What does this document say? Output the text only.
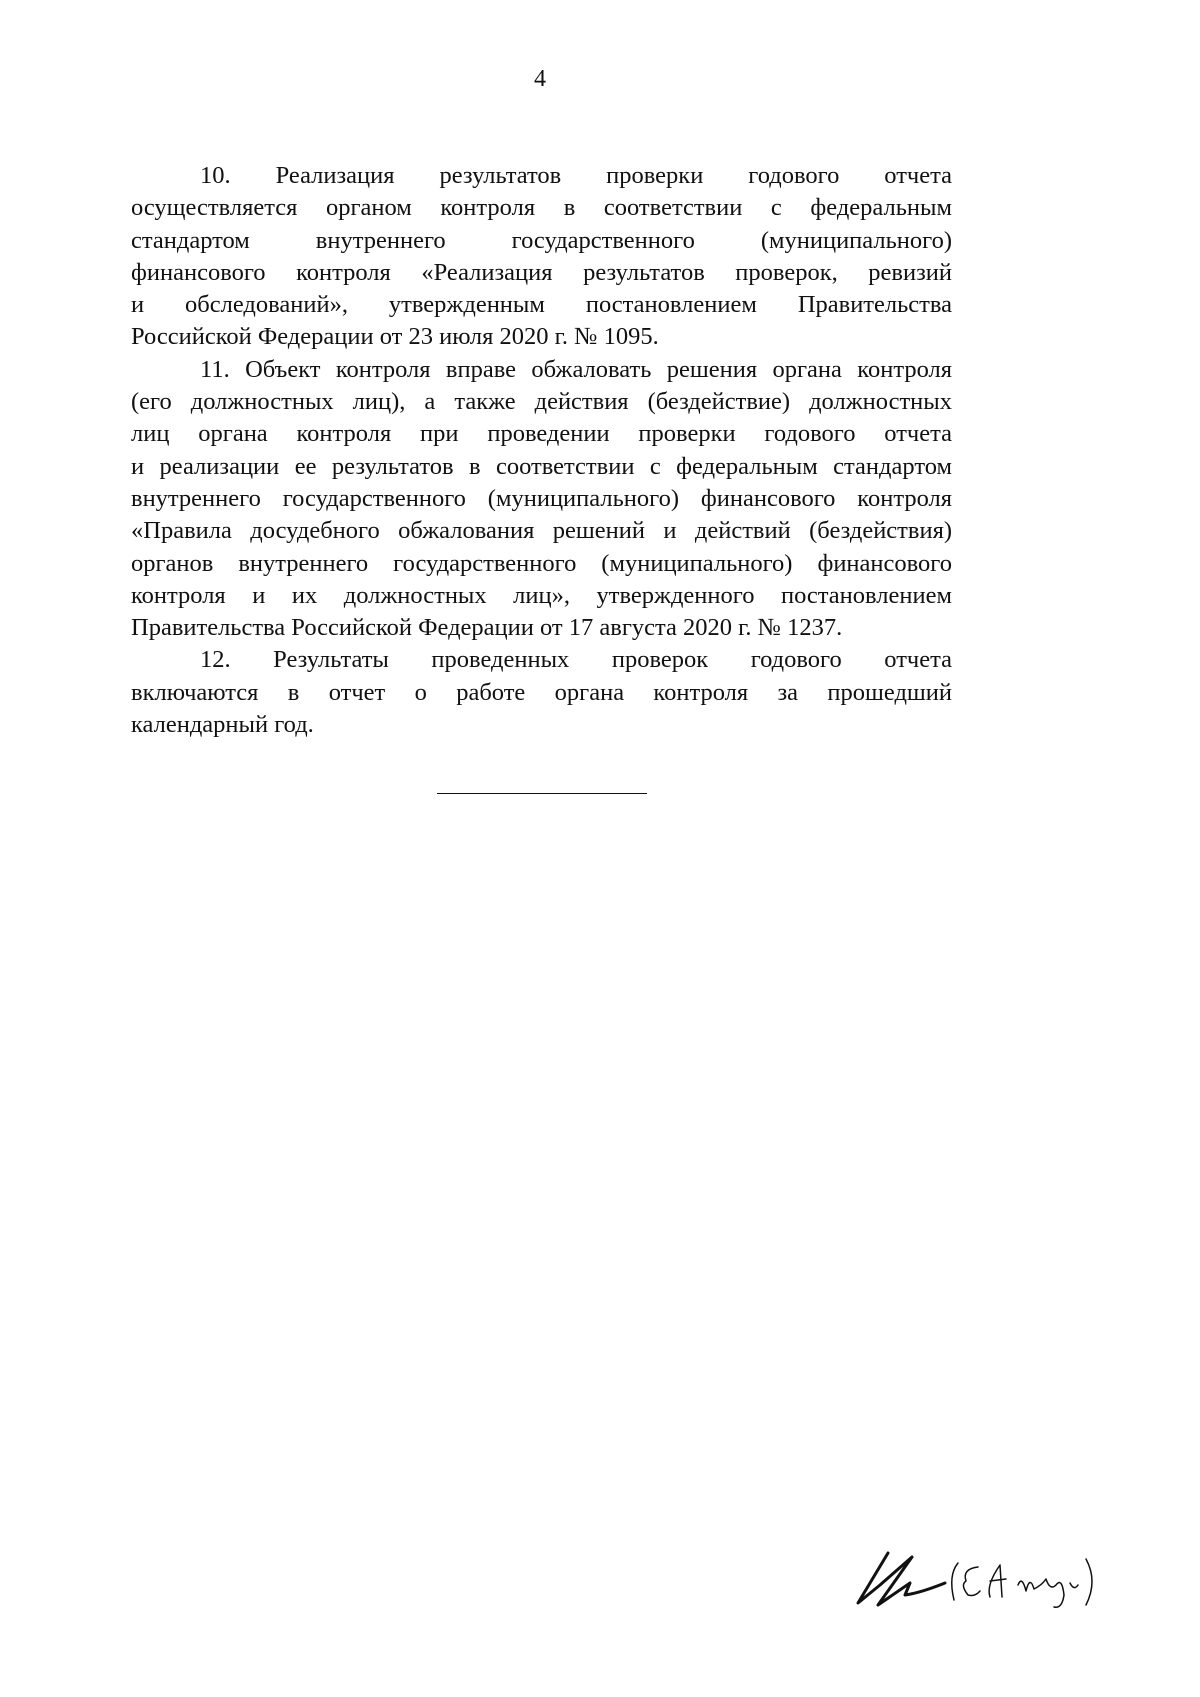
4
10. Реализация результатов проверки годового отчета
осуществляется органом контроля в соответствии с федеральным
стандартом внутреннего государственного (муниципального)
финансового контроля «Реализация результатов проверок, ревизий
и обследований», утвержденным постановлением Правительства
Российской Федерации от 23 июля 2020 г. № 1095.
11. Объект контроля вправе обжаловать решения органа контроля
(его должностных лиц), а также действия (бездействие) должностных
лиц органа контроля при проведении проверки годового отчета
и реализации ее результатов в соответствии с федеральным стандартом
внутреннего государственного (муниципального) финансового контроля
«Правила досудебного обжалования решений и действий (бездействия)
органов внутреннего государственного (муниципального) финансового
контроля и их должностных лиц», утвержденного постановлением
Правительства Российской Федерации от 17 августа 2020 г. № 1237.
12. Результаты проведенных проверок годового отчета
включаются в отчет о работе органа контроля за прошедший
календарный год.
